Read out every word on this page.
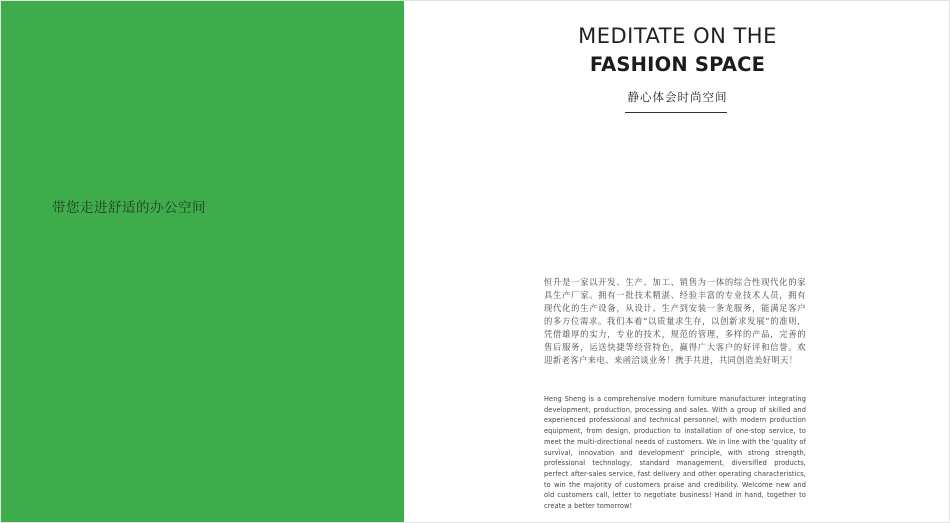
带您走进舒适的办公空间
MEDITATE ON THE
FASHION SPACE
静心体会时尚空间

恒升是一家以开发、生产、加工、销售为一体的综合性现代化的家具生产厂家。拥有一批技术精湛、经验丰富的专业技术人员，拥有现代化的生产设备，从设计、生产到安装一条龙服务，能满足客户的多方位需求。我们本着“以质量求生存，以创新求发展”的准则，凭借雄厚的实力，专业的技术，规范的管理，多样的产品，完善的售后服务，运送快捷等经营特色，赢得广大客户的好评和信誉。欢迎新老客户来电、来函洽谈业务！携手共进，共同创造美好明天！

Heng Sheng is a comprehensive modern furniture manufacturer integrating development, production, processing and sales. With a group of skilled and experienced professional and technical personnel, with modern production equipment, from design, production to installation of one-stop service, to meet the multi-directional needs of customers. We in line with the 'quality of survival, innovation and development' principle, with strong strength, professional technology, standard management, diversified products, perfect after-sales service, fast delivery and other operating characteristics, to win the majority of customers praise and credibility. Welcome new and old customers call, letter to negotiate business! Hand in hand, together to create a better tomorrow!
